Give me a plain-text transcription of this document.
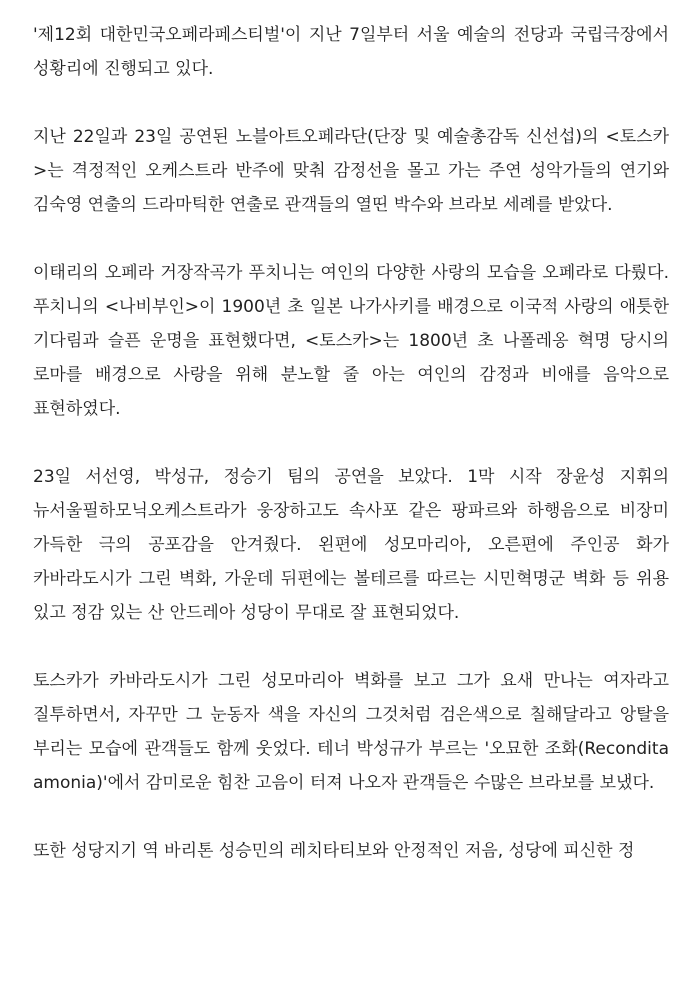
'제12회 대한민국오페라페스티벌'이 지난 7일부터 서울 예술의 전당과 국립극장에서 성황리에 진행되고 있다.

지난 22일과 23일 공연된 노블아트오페라단(단장 및 예술총감독 신선섭)의 <토스카>는 격정적인 오케스트라 반주에 맞춰 감정선을 몰고 가는 주연 성악가들의 연기와 김숙영 연출의 드라마틱한 연출로 관객들의 열띤 박수와 브라보 세례를 받았다.

이태리의 오페라 거장작곡가 푸치니는 여인의 다양한 사랑의 모습을 오페라로 다뤘다. 푸치니의 <나비부인>이 1900년 초 일본 나가사키를 배경으로 이국적 사랑의 애틋한 기다림과 슬픈 운명을 표현했다면, <토스카>는 1800년 초 나폴레옹 혁명 당시의 로마를 배경으로 사랑을 위해 분노할 줄 아는 여인의 감정과 비애를 음악으로 표현하였다.

23일 서선영, 박성규, 정승기 팀의 공연을 보았다. 1막 시작 장윤성 지휘의 뉴서울필하모닉오케스트라가 웅장하고도 속사포 같은 팡파르와 하행음으로 비장미 가득한 극의 공포감을 안겨줬다. 왼편에 성모마리아, 오른편에 주인공 화가 카바라도시가 그린 벽화, 가운데 뒤편에는 볼테르를 따르는 시민혁명군 벽화 등 위용 있고 정감 있는 산 안드레아 성당이 무대로 잘 표현되었다.

토스카가 카바라도시가 그린 성모마리아 벽화를 보고 그가 요새 만나는 여자라고 질투하면서, 자꾸만 그 눈동자 색을 자신의 그것처럼 검은색으로 칠해달라고 앙탈을 부리는 모습에 관객들도 함께 웃었다. 테너 박성규가 부르는 '오묘한 조화(Recondita amonia)'에서 감미로운 힘찬 고음이 터져 나오자 관객들은 수많은 브라보를 보냈다.

또한 성당지기 역 바리톤 성승민의 레치타티보와 안정적인 저음, 성당에 피신한 정
